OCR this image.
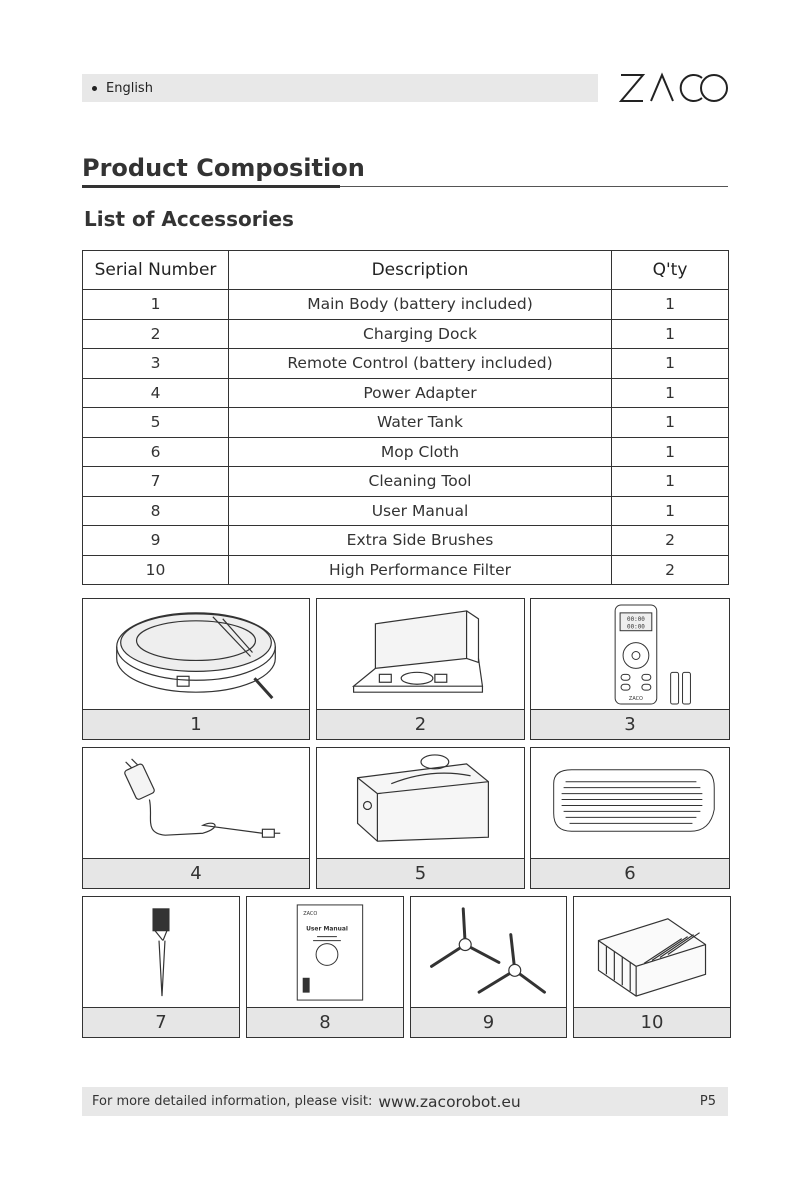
English
Product Composition
List of Accessories
Serial Number	Description	Q'ty
1	Main Body (battery included)	1
2	Charging Dock	1
3	Remote Control (battery included)	1
4	Power Adapter	1
5	Water Tank	1
6	Mop Cloth	1
7	Cleaning Tool	1
8	User Manual	1
9	Extra Side Brushes	2
10	High Performance Filter	2
1	2
00:00
00:00
ZACO
3
4	5	6
7
ZACO
User Manual
8	9	10
For more detailed information, please visit: www.zacorobot.eu	P5
